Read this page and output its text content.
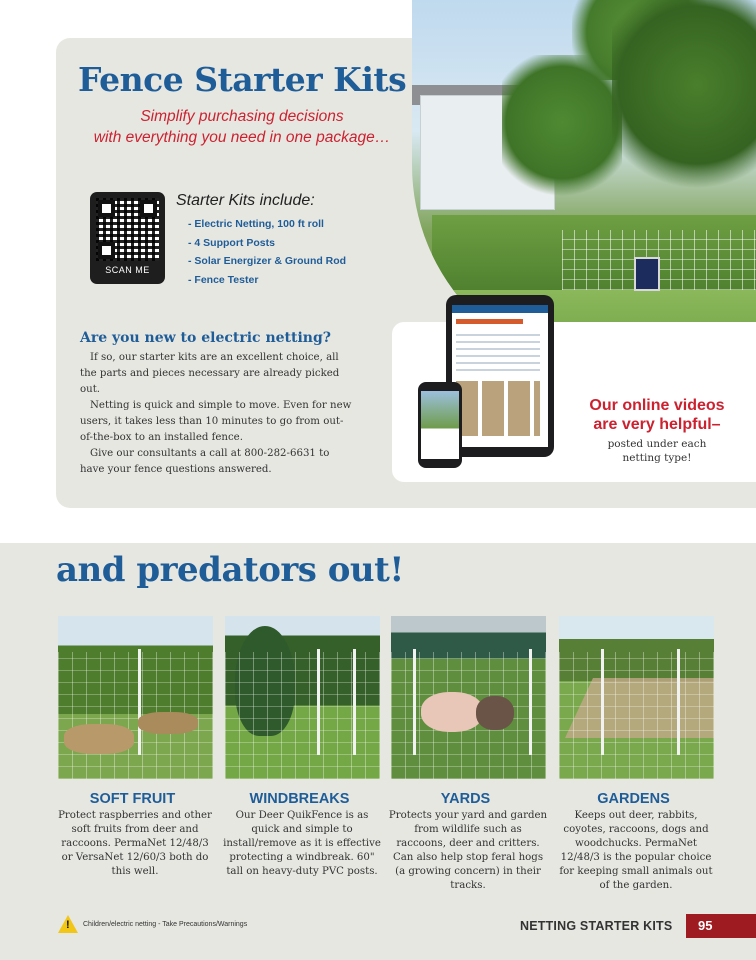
Fence Starter Kits
Simplify purchasing decisions
with everything you need in one package…
SCAN ME
Starter Kits include:
- Electric Netting, 100 ft roll
- 4 Support Posts
- Solar Energizer & Ground Rod
- Fence Tester
Are you new to electric netting?

If so, our starter kits are an excellent choice, all the parts and pieces necessary are already picked out.

Netting is quick and simple to move. Even for new users, it takes less than 10 minutes to go from out-of-the-box to an installed fence.

Give our consultants a call at 800-282-6631 to have your fence questions answered.

Our online videos
are very helpful–
posted under each
netting type!
and predators out!
SOFT FRUIT	WINDBREAKS	YARDS	GARDENS
Protect raspberries and other soft fruits from deer and raccoons. PermaNet 12/48/3 or VersaNet 12/60/3 both do this well.
Our Deer QuikFence is as quick and simple to install/remove as it is effective protecting a windbreak. 60" tall on heavy-duty PVC posts.
Protects your yard and garden from wildlife such as raccoons, deer and critters. Can also help stop feral hogs (a growing concern) in their tracks.
Keeps out deer, rabbits, coyotes, raccoons, dogs and woodchucks. PermaNet 12/48/3 is the popular choice for keeping small animals out of the garden.
! Children/electric netting - Take Precautions/Warnings	NETTING STARTER KITS	95
